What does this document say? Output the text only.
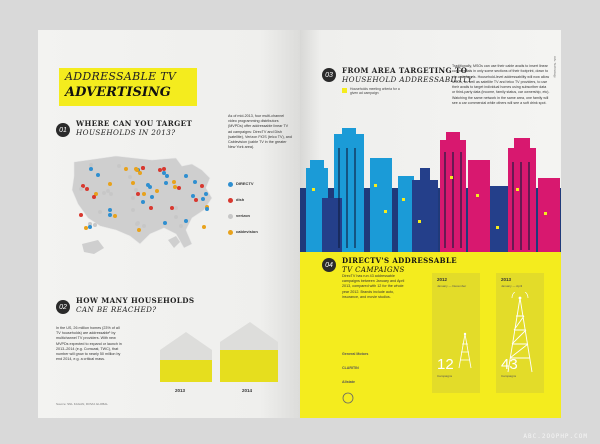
ADDRESSABLE TV
ADVERTISING
01
WHERE CAN YOU TARGET
HOUSEHOLDS IN 2013?
As of mid-2013, four multi-channel video programming distributors (MVPDs) offer addressable linear TV ad campaigns: DirecTV and Dish (satellite), Verizon FiOS (telco TV), and Cablevision (cable TV in the greater New York area).
DIRECTV
dish
verizon
cablevision
02
HOW MANY HOUSEHOLDS
CAN BE REACHED?
In the US, 26 million homes (23% of all TV households) are addressable¹ by multichannel TV providers. With new MVPDs expected to expand or launch in 2013–2014 (e.g. Comcast, TWC), that number will grow to nearly 50 million by end 2014, e.g. a critical mass.
2013	2014
Source: SNL KAGAN, ROVIA GLOBAL
03	FROM AREA TARGETING TO
HOUSEHOLD ADDRESSABILITY
Households meeting criteria for a given ad campaign
Traditionally, MSOs can use their cable avails to insert linear commercials in only some sections of their footprint, down to zip code levels. Household-level addressability will now allow MSOs, as well as satellite TV and telco TV providers, to use their avails to target individual homes using subscriber data or third-party data (income, family status, car ownership, etc). Watching the same network in the same area, one family will see a car commercial while others will see a soft drink spot.
04	DIRECTV'S ADDRESSABLE
TV CAMPAIGNS
DirecTV has run 43 addressable campaigns between January and April 2013, compared with 12 for the whole year 2012. Brands include auto, insurance, and movie studios.
General Motors
CLARITIN
Allstate
2012
January — December
12
Campaigns
2013
January — April
43
Campaigns
Adv. Technology
ABC.2OOPHP.COM
